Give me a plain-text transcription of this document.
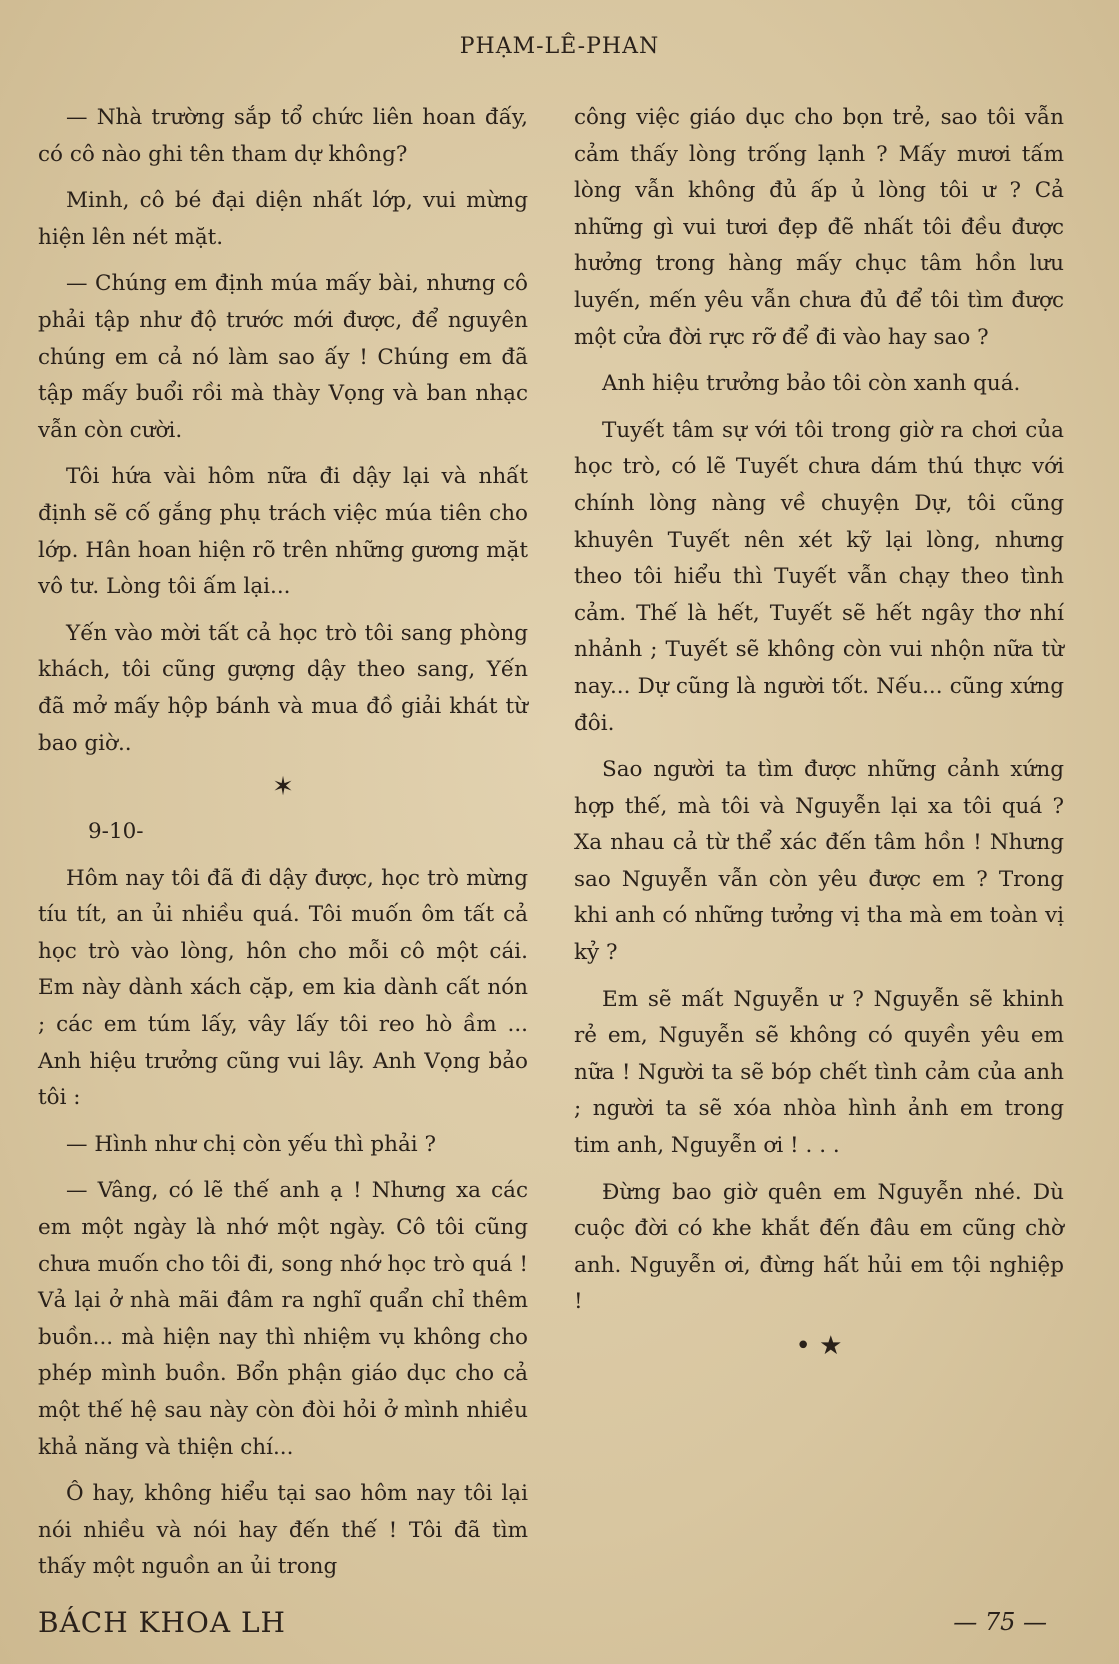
PHẠM-LÊ-PHAN

— Nhà trường sắp tổ chức liên hoan đấy, có cô nào ghi tên tham dự không?

Minh, cô bé đại diện nhất lớp, vui mừng hiện lên nét mặt.

— Chúng em định múa mấy bài, nhưng cô phải tập như độ trước mới được, để nguyên chúng em cả nó làm sao ấy ! Chúng em đã tập mấy buổi rồi mà thày Vọng và ban nhạc vẫn còn cười.

Tôi hứa vài hôm nữa đi dậy lại và nhất định sẽ cố gắng phụ trách việc múa tiên cho lớp. Hân hoan hiện rõ trên những gương mặt vô tư. Lòng tôi ấm lại...

Yến vào mời tất cả học trò tôi sang phòng khách, tôi cũng gượng dậy theo sang, Yến đã mở mấy hộp bánh và mua đồ giải khát từ bao giờ..

✶

9-10-

Hôm nay tôi đã đi dậy được, học trò mừng tíu tít, an ủi nhiều quá. Tôi muốn ôm tất cả học trò vào lòng, hôn cho mỗi cô một cái. Em này dành xách cặp, em kia dành cất nón ; các em túm lấy, vây lấy tôi reo hò ầm ... Anh hiệu trưởng cũng vui lây. Anh Vọng bảo tôi :

— Hình như chị còn yếu thì phải ?

— Vâng, có lẽ thế anh ạ ! Nhưng xa các em một ngày là nhớ một ngày. Cô tôi cũng chưa muốn cho tôi đi, song nhớ học trò quá ! Vả lại ở nhà mãi đâm ra nghĩ quẩn chỉ thêm buồn... mà hiện nay thì nhiệm vụ không cho phép mình buồn. Bổn phận giáo dục cho cả một thế hệ sau này còn đòi hỏi ở mình nhiều khả năng và thiện chí...

Ô hay, không hiểu tại sao hôm nay tôi lại nói nhiều và nói hay đến thế ! Tôi đã tìm thấy một nguồn an ủi trong

công việc giáo dục cho bọn trẻ, sao tôi vẫn cảm thấy lòng trống lạnh ? Mấy mươi tấm lòng vẫn không đủ ấp ủ lòng tôi ư ? Cả những gì vui tươi đẹp đẽ nhất tôi đều được hưởng trong hàng mấy chục tâm hồn lưu luyến, mến yêu vẫn chưa đủ để tôi tìm được một cửa đời rực rỡ để đi vào hay sao ?

Anh hiệu trưởng bảo tôi còn xanh quá.

Tuyết tâm sự với tôi trong giờ ra chơi của học trò, có lẽ Tuyết chưa dám thú thực với chính lòng nàng về chuyện Dự, tôi cũng khuyên Tuyết nên xét kỹ lại lòng, nhưng theo tôi hiểu thì Tuyết vẫn chạy theo tình cảm. Thế là hết, Tuyết sẽ hết ngây thơ nhí nhảnh ; Tuyết sẽ không còn vui nhộn nữa từ nay... Dự cũng là người tốt. Nếu... cũng xứng đôi.

Sao người ta tìm được những cảnh xứng hợp thế, mà tôi và Nguyễn lại xa tôi quá ? Xa nhau cả từ thể xác đến tâm hồn ! Nhưng sao Nguyễn vẫn còn yêu được em ? Trong khi anh có những tưởng vị tha mà em toàn vị kỷ ?

Em sẽ mất Nguyễn ư ? Nguyễn sẽ khinh rẻ em, Nguyễn sẽ không có quyền yêu em nữa ! Người ta sẽ bóp chết tình cảm của anh ; người ta sẽ xóa nhòa hình ảnh em trong tim anh, Nguyễn ơi ! . . .

Đừng bao giờ quên em Nguyễn nhé. Dù cuộc đời có khe khắt đến đâu em cũng chờ anh. Nguyễn ơi, đừng hất hủi em tội nghiệp !

• ★
BÁCH KHOA LH	— 75 —
